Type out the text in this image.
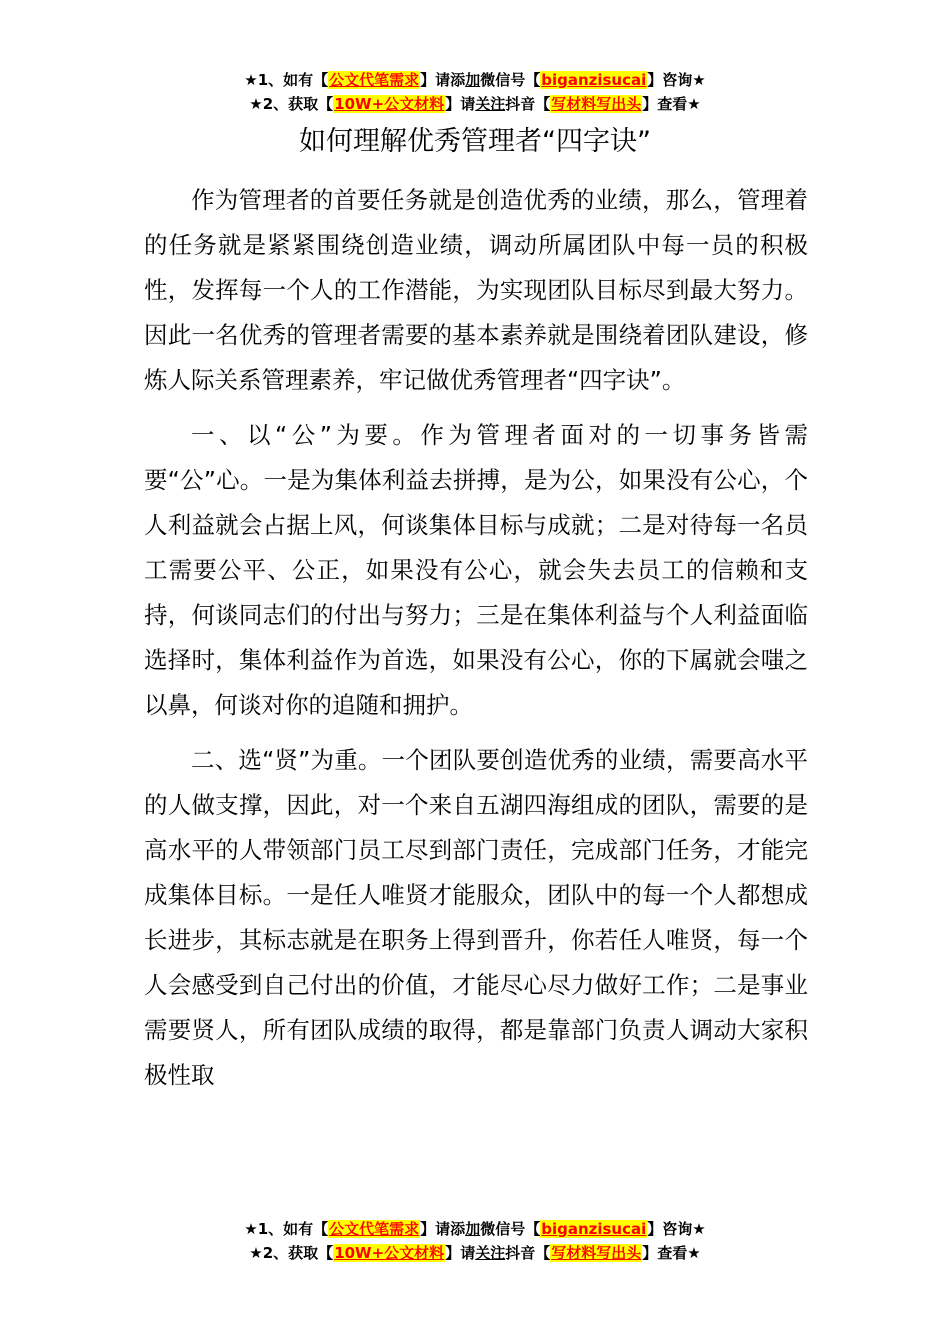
★1、如有【公文代笔需求】请添加微信号【biganzisucai】咨询★
★2、获取【10W+公文材料】请关注抖音【写材料写出头】查看★
如何理解优秀管理者“四字诀”

作为管理者的首要任务就是创造优秀的业绩，那么，管理着的任务就是紧紧围绕创造业绩，调动所属团队中每一员的积极性，发挥每一个人的工作潜能，为实现团队目标尽到最大努力。因此一名优秀的管理者需要的基本素养就是围绕着团队建设，修炼人际关系管理素养，牢记做优秀管理者“四字诀”。

一、以“公”为要。作为管理者面对的一切事务皆需要“公”心。一是为集体利益去拼搏，是为公，如果没有公心，个人利益就会占据上风，何谈集体目标与成就；二是对待每一名员工需要公平、公正，如果没有公心，就会失去员工的信赖和支持，何谈同志们的付出与努力；三是在集体利益与个人利益面临选择时，集体利益作为首选，如果没有公心，你的下属就会嗤之以鼻，何谈对你的追随和拥护。

二、选“贤”为重。一个团队要创造优秀的业绩，需要高水平的人做支撑，因此，对一个来自五湖四海组成的团队，需要的是高水平的人带领部门员工尽到部门责任，完成部门任务，才能完成集体目标。一是任人唯贤才能服众，团队中的每一个人都想成长进步，其标志就是在职务上得到晋升，你若任人唯贤，每一个人会感受到自己付出的价值，才能尽心尽力做好工作；二是事业需要贤人，所有团队成绩的取得，都是靠部门负责人调动大家积极性取

★1、如有【公文代笔需求】请添加微信号【biganzisucai】咨询★
★2、获取【10W+公文材料】请关注抖音【写材料写出头】查看★
